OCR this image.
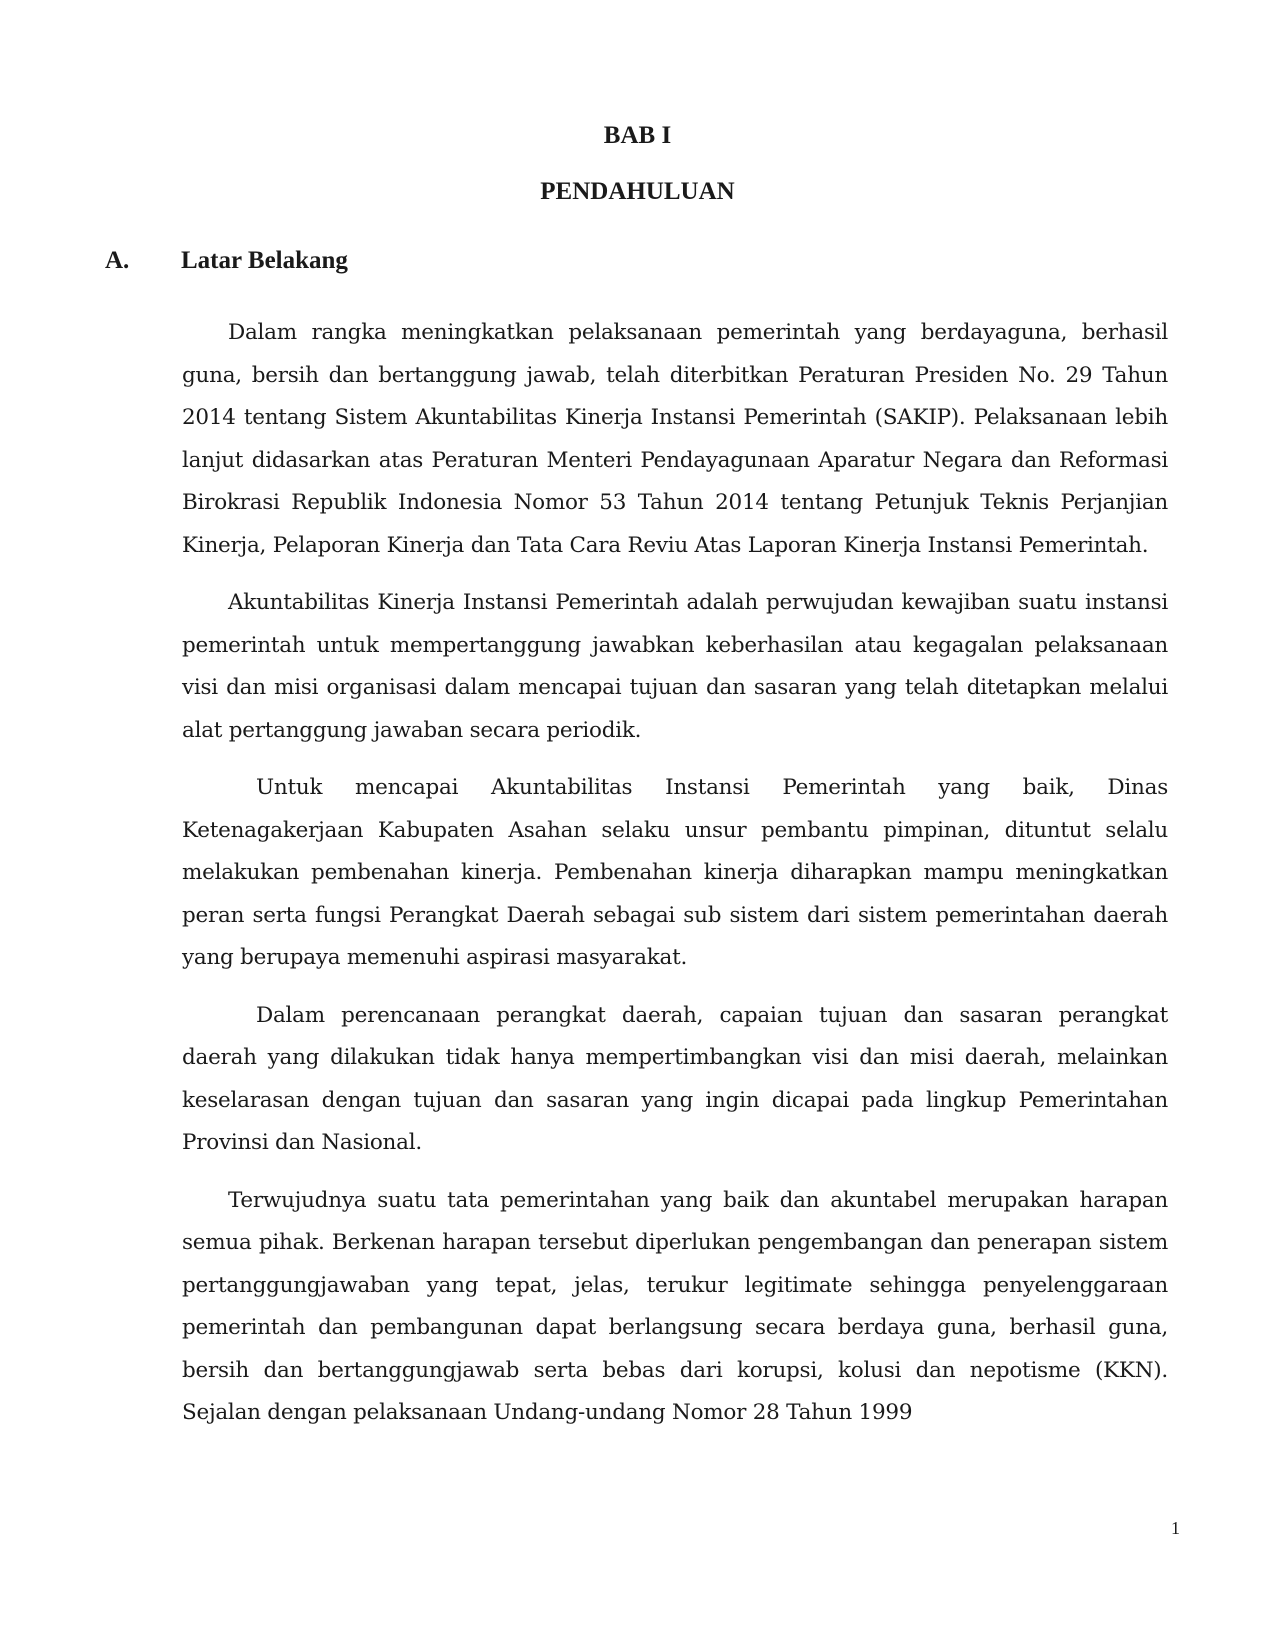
BAB I
PENDAHULUAN
A. Latar Belakang

Dalam rangka meningkatkan pelaksanaan pemerintah yang berdayaguna, berhasil guna, bersih dan bertanggung jawab, telah diterbitkan Peraturan Presiden No. 29 Tahun 2014 tentang Sistem Akuntabilitas Kinerja Instansi Pemerintah (SAKIP). Pelaksanaan lebih lanjut didasarkan atas Peraturan Menteri Pendayagunaan Aparatur Negara dan Reformasi Birokrasi Republik Indonesia Nomor 53 Tahun 2014 tentang Petunjuk Teknis Perjanjian Kinerja, Pelaporan Kinerja dan Tata Cara Reviu Atas Laporan Kinerja Instansi Pemerintah.

Akuntabilitas Kinerja Instansi Pemerintah adalah perwujudan kewajiban suatu instansi pemerintah untuk mempertanggung jawabkan keberhasilan atau kegagalan pelaksanaan visi dan misi organisasi dalam mencapai tujuan dan sasaran yang telah ditetapkan melalui alat pertanggung jawaban secara periodik.

Untuk mencapai Akuntabilitas Instansi Pemerintah yang baik, Dinas Ketenagakerjaan Kabupaten Asahan selaku unsur pembantu pimpinan, dituntut selalu melakukan pembenahan kinerja. Pembenahan kinerja diharapkan mampu meningkatkan peran serta fungsi Perangkat Daerah sebagai sub sistem dari sistem pemerintahan daerah yang berupaya memenuhi aspirasi masyarakat.

Dalam perencanaan perangkat daerah, capaian tujuan dan sasaran perangkat daerah yang dilakukan tidak hanya mempertimbangkan visi dan misi daerah, melainkan keselarasan dengan tujuan dan sasaran yang ingin dicapai pada lingkup Pemerintahan Provinsi dan Nasional.

Terwujudnya suatu tata pemerintahan yang baik dan akuntabel merupakan harapan semua pihak. Berkenan harapan tersebut diperlukan pengembangan dan penerapan sistem pertanggungjawaban yang tepat, jelas, terukur legitimate sehingga penyelenggaraan pemerintah dan pembangunan dapat berlangsung secara berdaya guna, berhasil guna, bersih dan bertanggungjawab serta bebas dari korupsi, kolusi dan nepotisme (KKN). Sejalan dengan pelaksanaan Undang-undang Nomor 28 Tahun 1999

1
